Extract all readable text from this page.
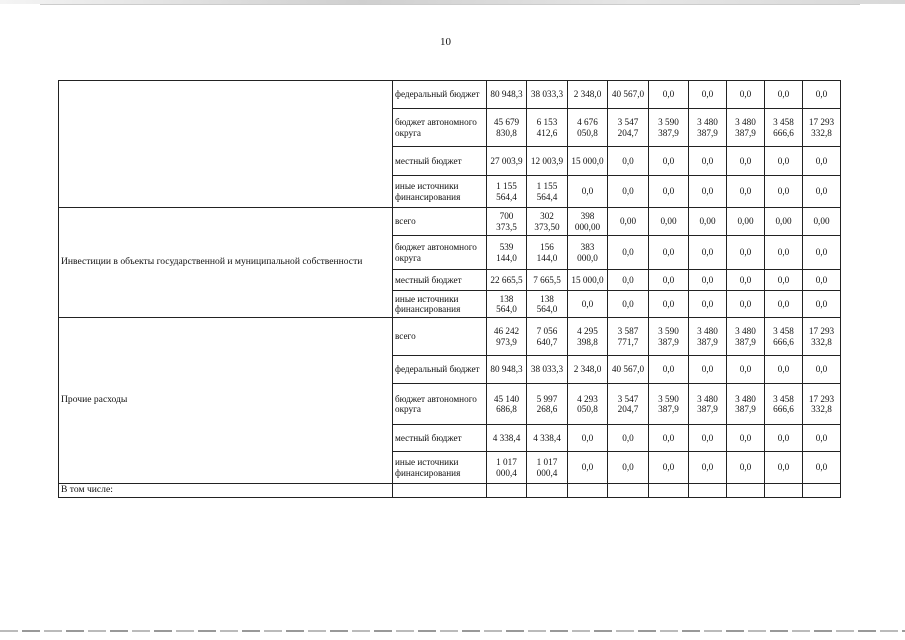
10
	федеральный бюджет	80 948,3	38 033,3	2 348,0	40 567,0	0,0	0,0	0,0	0,0	0,0
	бюджет автономного округа	45 679 830,8	6 153 412,6	4 676 050,8	3 547 204,7	3 590 387,9	3 480 387,9	3 480 387,9	3 458 666,6	17 293 332,8
	местный бюджет	27 003,9	12 003,9	15 000,0	0,0	0,0	0,0	0,0	0,0	0,0
	иные источники финансирования	1 155 564,4	1 155 564,4	0,0	0,0	0,0	0,0	0,0	0,0	0,0
Инвестиции в объекты государственной и муниципальной собственности	всего	700 373,5	302 373,50	398 000,00	0,00	0,00	0,00	0,00	0,00	0,00
	бюджет автономного округа	539 144,0	156 144,0	383 000,0	0,0	0,0	0,0	0,0	0,0	0,0
	местный бюджет	22 665,5	7 665,5	15 000,0	0,0	0,0	0,0	0,0	0,0	0,0
	иные источники финансирования	138 564,0	138 564,0	0,0	0,0	0,0	0,0	0,0	0,0	0,0
Прочие расходы	всего	46 242 973,9	7 056 640,7	4 295 398,8	3 587 771,7	3 590 387,9	3 480 387,9	3 480 387,9	3 458 666,6	17 293 332,8
	федеральный бюджет	80 948,3	38 033,3	2 348,0	40 567,0	0,0	0,0	0,0	0,0	0,0
	бюджет автономного округа	45 140 686,8	5 997 268,6	4 293 050,8	3 547 204,7	3 590 387,9	3 480 387,9	3 480 387,9	3 458 666,6	17 293 332,8
	местный бюджет	4 338,4	4 338,4	0,0	0,0	0,0	0,0	0,0	0,0	0,0
	иные источники финансирования	1 017 000,4	1 017 000,4	0,0	0,0	0,0	0,0	0,0	0,0	0,0
В том числе:										
